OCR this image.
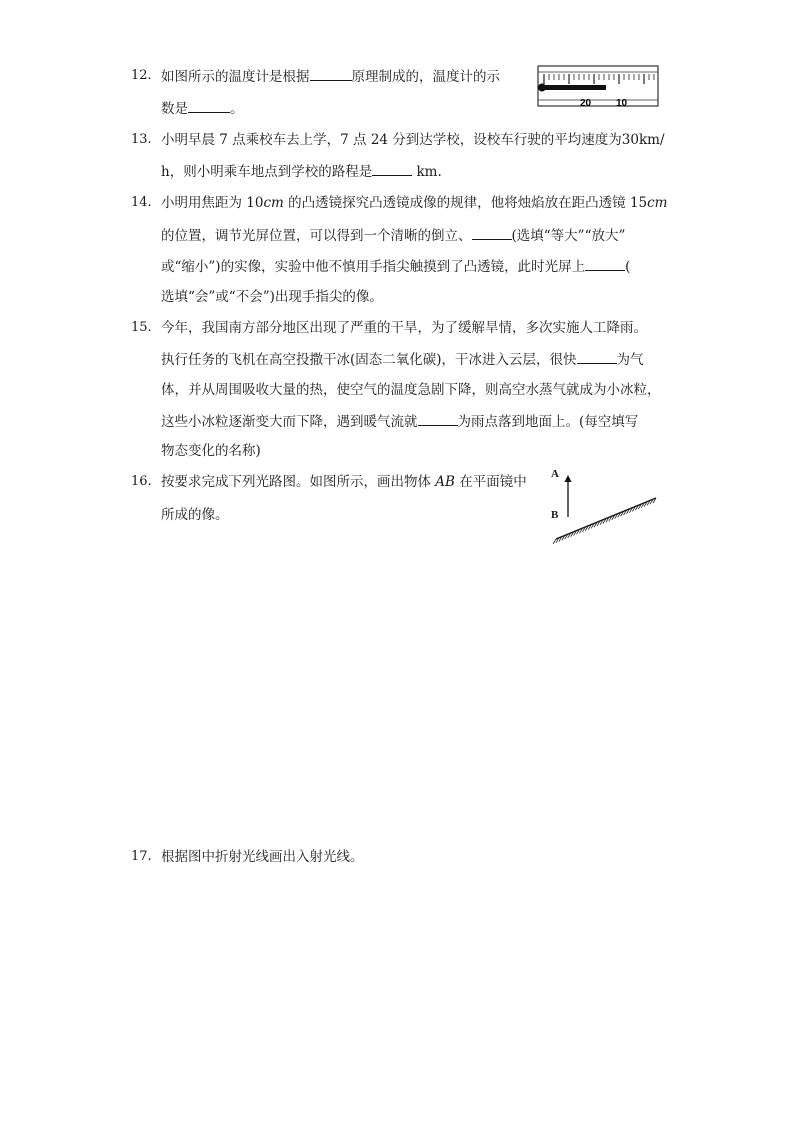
12. 如图所示的温度计是根据	原理制成的，温度计的示
数是	。	20 10
13. 小明早晨 7 点乘校车去上学，7 点 24 分到达学校，设校车行驶的平均速度为30km/
h，则小明乘车地点到学校的路程是	km.
14. 小明用焦距为 10cm 的凸透镜探究凸透镜成像的规律，他将烛焰放在距凸透镜 15cm
的位置，调节光屏位置，可以得到一个清晰的倒立、	(选填“等大”“放大”
或“缩小”)的实像，实验中他不慎用手指尖触摸到了凸透镜，此时光屏上	(
选填“会”或“不会”)出现手指尖的像。
15. 今年，我国南方部分地区出现了严重的干旱，为了缓解旱情，多次实施人工降雨。
执行任务的飞机在高空投撒干冰(固态二氧化碳)，干冰进入云层，很快	为气
体，并从周围吸收大量的热，使空气的温度急剧下降，则高空水蒸气就成为小冰粒，
这些小冰粒逐渐变大而下降，遇到暖气流就	为雨点落到地面上。(每空填写
物态变化的名称)
16. 按要求完成下列光路图。如图所示，画出物体 AB 在平面镜中
所成的像。
A
B
17. 根据图中折射光线画出入射光线。
